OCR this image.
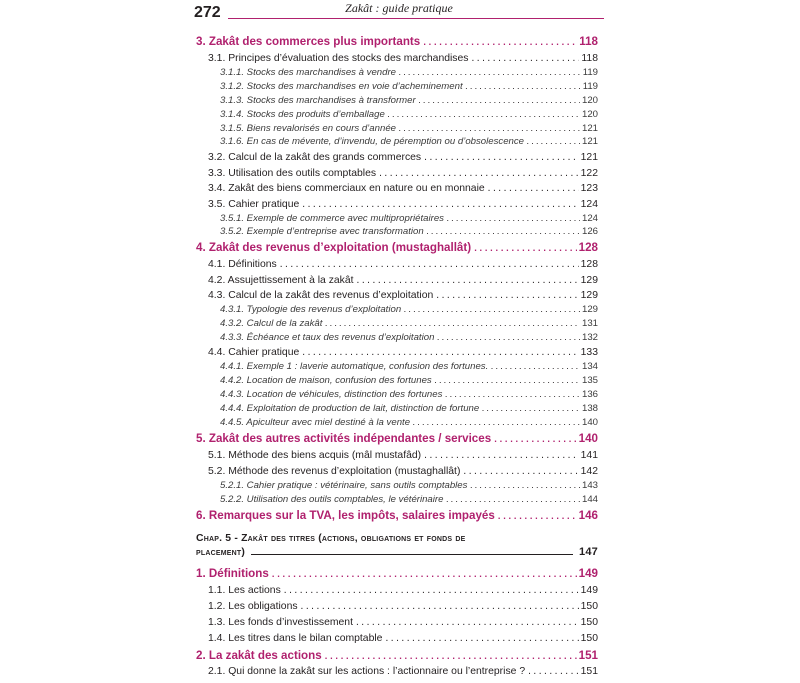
272	Zakât : guide pratique
3. Zakât des commerces plus importants .....	118
3.1. Principes d’évaluation des stocks des marchandises .....	118
3.1.1. Stocks des marchandises à vendre .....	119
3.1.2. Stocks des marchandises en voie d’acheminement .....	119
3.1.3. Stocks des marchandises à transformer .....	120
3.1.4. Stocks des produits d’emballage .....	120
3.1.5. Biens revalorisés en cours d’année .....	121
3.1.6. En cas de mévente, d’invendu, de péremption ou d’obsolescence .....	121
3.2. Calcul de la zakât des grands commerces .....	121
3.3. Utilisation des outils comptables .....	122
3.4. Zakât des biens commerciaux en nature ou en monnaie .....	123
3.5. Cahier pratique .....	124
3.5.1. Exemple de commerce avec multipropriétaires .....	124
3.5.2. Exemple d’entreprise avec transformation .....	126
4. Zakât des revenus d’exploitation (mustaghallât) .....	128
4.1. Définitions .....	128
4.2. Assujettissement à la zakât .....	129
4.3. Calcul de la zakât des revenus d’exploitation .....	129
4.3.1. Typologie des revenus d’exploitation .....	129
4.3.2. Calcul de la zakât .....	131
4.3.3. Échéance et taux des revenus d’exploitation .....	132
4.4. Cahier pratique .....	133
4.4.1. Exemple 1 : laverie automatique, confusion des fortunes. .....	134
4.4.2. Location de maison, confusion des fortunes .....	135
4.4.3. Location de véhicules, distinction des fortunes .....	136
4.4.4. Exploitation de production de lait, distinction de fortune .....	138
4.4.5. Apiculteur avec miel destiné à la vente .....	140
5. Zakât des autres activités indépendantes / services .....	140
5.1. Méthode des biens acquis (mâl mustafâd) .....	141
5.2. Méthode des revenus d’exploitation (mustaghallât) .....	142
5.2.1. Cahier pratique : vétérinaire, sans outils comptables .....	143
5.2.2. Utilisation des outils comptables, le vétérinaire .....	144
6. Remarques sur la TVA, les impôts, salaires impayés .....	146
Chap. 5 - Zakât des titres (actions, obligations et fonds de
placement)	147
1. Définitions .....	149
1.1. Les actions .....	149
1.2. Les obligations .....	150
1.3. Les fonds d’investissement .....	150
1.4. Les titres dans le bilan comptable .....	150
2. La zakât des actions .....	151
2.1. Qui donne la zakât sur les actions : l’actionnaire ou l’entreprise ? .....	151
